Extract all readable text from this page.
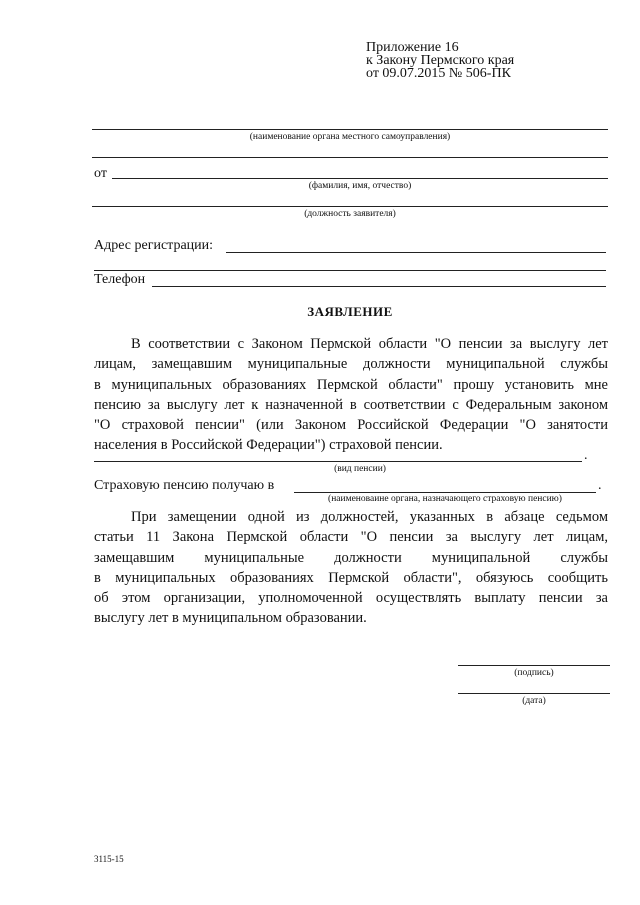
Приложение 16
к Закону Пермского края
от 09.07.2015 № 506-ПК
(наименование органа местного самоуправления)
от
(фамилия, имя, отчество)
(должность заявителя)
Адрес регистрации:
Телефон
ЗАЯВЛЕНИЕ
В соответствии с Законом Пермской области "О пенсии за выслугу лет
лицам, замещавшим муниципальные должности муниципальной службы
в муниципальных образованиях Пермской области" прошу установить мне
пенсию за выслугу лет к назначенной в соответствии с Федеральным законом
"О страховой пенсии" (или Законом Российской Федерации "О занятости
населения в Российской Федерации") страховой пенсии.
.
(вид пенсии)
Страховую пенсию получаю в	.
(наименоваине органа, назначающего страховую пенсию)
При замещении одной из должностей, указанных в абзаце седьмом
статьи 11 Закона Пермской области "О пенсии за выслугу лет лицам,
замещавшим муниципальные должности муниципальной службы
в муниципальных образованиях Пермской области", обязуюсь сообщить
об этом организации, уполномоченной осуществлять выплату пенсии за
выслугу лет в муниципальном образовании.
(подпись)
(дата)
3115-15
